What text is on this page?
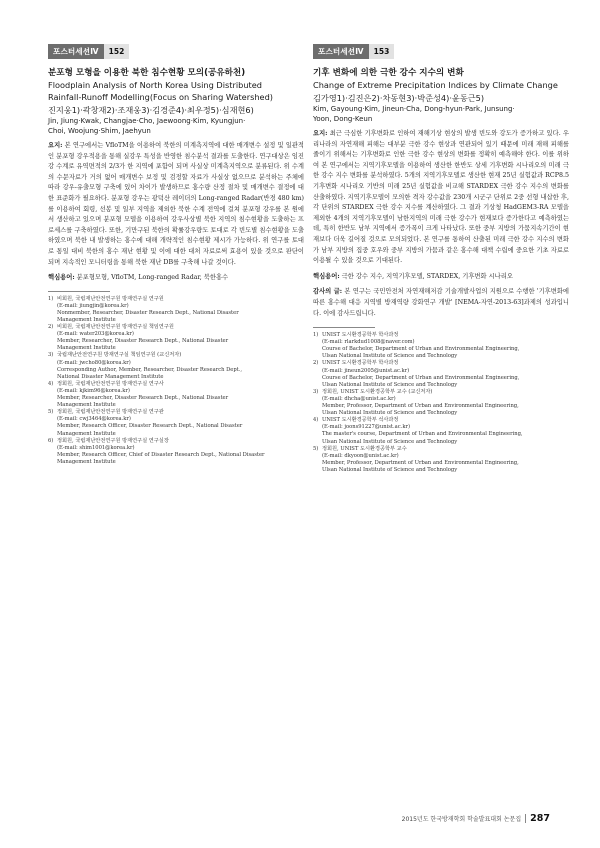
포스터세션Ⅳ	152
분포형 모형을 이용한 북한 침수현황 모의(공유하천)
Floodplain Analysis of North Korea Using Distributed
Rainfall-Runoff Modelling(Focus on Sharing Watershed)
진지웅1)·곽창재2)·조재웅3)·김경준4)·최우정5)·심재현6)
Jin, Jiung·Kwak, Changjae·Cho, Jaewoong·Kim, Kyungjun·
Choi, Woojung·Shim, Jaehyun
요지: 본 연구에서는 VfloTM을 이용하여 북한의 미계측지역에 대한 매개변수 설정 및 일관적인 분포형 강우적용을 통해 실강우 특성을 반영한 침수분석 결과를 도출한다. 연구대상은 임진강 수계로 유역면적의 2/3가 한 지역에 포함이 되며 사실상 미계측지역으로 분류된다. 위 수계의 수문자료가 거의 없어 매개변수 보정 및 검정할 자료가 사실상 없으므로 분석하는 주체에 따라 강우-유출모형 구축에 있어 차이가 발생하므로 홍수량 산정 절차 및 매개변수 결정에 대한 표준화가 필요하다. 분포형 강우는 광덕산 레이더의 Long-ranged Radar(반경 480 km)를 이용하여 회령, 선봉 및 일부 지역을 제외한 북한 수계 전역에 걸쳐 분포형 강우를 본 원에서 생산하고 있으며 분포형 모델을 이용하여 강우사상별 북한 지역의 침수현황을 도출하는 프로세스를 구축하였다. 또한, 기만구된 북한의 확률강우량도 토대로 각 빈도별 침수현황을 도출하였으며 북한 내 발생하는 홍수에 대해 개략적인 침수현황 제시가 가능하다. 위 연구를 토대로 통일 대비 북한의 홍수 재난 현황 및 이에 대한 대처 자료로써 효용이 있을 것으로 판단이 되며 지속적인 모니터링을 통해 북한 재난 DB를 구축해 나갈 것이다.
핵심용어: 분포형모형, VfloTM, Long-ranged Radar, 북한홍수
1) 비회원, 국립재난안전연구원 방재연구실 연구원
(E-mail: jiungjin@korea.kr)
Nonmember, Researcher, Disaster Research Dept., National Disaster
Management Institute
2) 비회원, 국립재난안전연구원 방재연구실 책임연구원
(E-mail: water203@korea.kr)
Member, Researcher, Disaster Research Dept., National Disaster
Management Institute
3) 국립재난안전연구원 방재연구실 책임연구원 (교신저자)
(E-mail: jwcho80@korea.kr)
Corresponding Author, Member, Researcher, Disaster Research Dept.,
National Disaster Management Institute
4) 정회원, 국립재난안전연구원 방재연구실 연구사
(E-mail: kjkim96@korea.kr)
Member, Researcher, Disaster Research Dept., National Disaster
Management Institute
5) 정회원, 국립재난안전연구원 방재연구실 연구관
(E-mail: cwj3464@korea.kr)
Member, Research Officer, Disaster Research Dept., National Disaster
Management Institute
6) 정회원, 국립재난안전연구원 방재연구실 연구실장
(E-mail: shim1001@korea.kr)
Member, Research Officer, Chief of Disaster Research Dept., National Disaster
Management Institute
포스터세션Ⅳ	153
기후 변화에 의한 극한 강수 지수의 변화
Change of Extreme Precipitation Indices by Climate Change
김가영1)·김진은2)·차동현3)·박준성4)·윤동근5)
Kim, Gayoung·Kim, Jineun·Cha, Dong-hyun·Park, Junsung·
Yoon, Dong-Keun
요지: 최근 극심한 기후변화로 인하여 재해기상 현상의 발생 빈도와 강도가 증가하고 있다. 우리나라의 자연재해 피해는 대부분 극한 강수 현상과 연관되어 있기 때문에 미래 재해 피해를 줄이기 위해서는 기후변화로 인한 극한 강수 현상의 변화를 정확히 예측해야 한다. 이를 위하여 본 연구에서는 지역기후모델을 이용하여 생산한 한반도 상세 기후변화 시나리오의 미래 극한 강수 지수 변화를 분석하였다. 5개의 지역기후모델로 생산한 현재 25년 실험값과 RCP8.5 기후변화 시나리오 기반의 미래 25년 실험값을 비교해 STARDEX 극한 강수 지수의 변화를 산출하였다. 지역기후모델이 모의한 격자 강수값을 230개 시군구 단위로 2중 선형 내삽한 후, 각 단위의 STARDEX 극한 강수 지수를 계산하였다. 그 결과 기상청 HadGEM3-RA 모델을 제외한 4개의 지역기후모델이 남한지역의 미래 극한 강수가 현재보다 증가한다고 예측하였는데, 특히 한반도 남부 지역에서 증가폭이 크게 나타났다. 또한 중부 지방의 가뭄지속기간이 현재보다 더욱 길어질 것으로 모의되었다. 본 연구를 통하여 산출된 미래 극한 강수 지수의 변화가 남부 지방의 집중 호우와 중부 지방의 가뭄과 같은 홍수해 대책 수립에 중요한 기초 자료로 이용될 수 있을 것으로 기대된다.
핵심용어: 극한 강수 지수, 지역기후모델, STARDEX, 기후변화 시나리오
감사의 글: 본 연구는 국민안전처 자연재해저감 기술개발사업의 지원으로 수행한 '기후변화에 따른 홍수해 대응 지역별 방재역량 강화연구 개발' [NEMA-자연-2013-63]과제의 성과입니다. 이에 감사드립니다.
1) UNIST 도시환경공학부 학사과정
(E-mail: rlarkdud1008@naver.com)
Course of Bachelor, Department of Urban and Environmental Engineering,
Ulsan National Institute of Science and Technology
2) UNIST 도시환경공학부 학사과정
(E-mail: jineun2005@unist.ac.kr)
Course of Bachelor, Department of Urban and Environmental Engineering,
Ulsan National Institute of Science and Technology
3) 정회원, UNIST 도시환경공학부 교수 (교신저자)
(E-mail: dhcha@unist.ac.kr)
Member, Professor, Department of Urban and Environmental Engineering,
Ulsan National Institute of Science and Technology
4) UNIST 도시환경공학부 석사과정
(E-mail: joons91227@unist.ac.kr)
The master's course, Department of Urban and Environmental Engineering,
Ulsan National Institute of Science and Technology
5) 정회원, UNIST 도시환경공학부 교수
(E-mail: dkyoon@unist.ac.kr)
Member, Professor, Department of Urban and Environmental Engineering,
Ulsan National Institute of Science and Technology
2015년도 한국방재학회 학술발표대회 논문집 287
